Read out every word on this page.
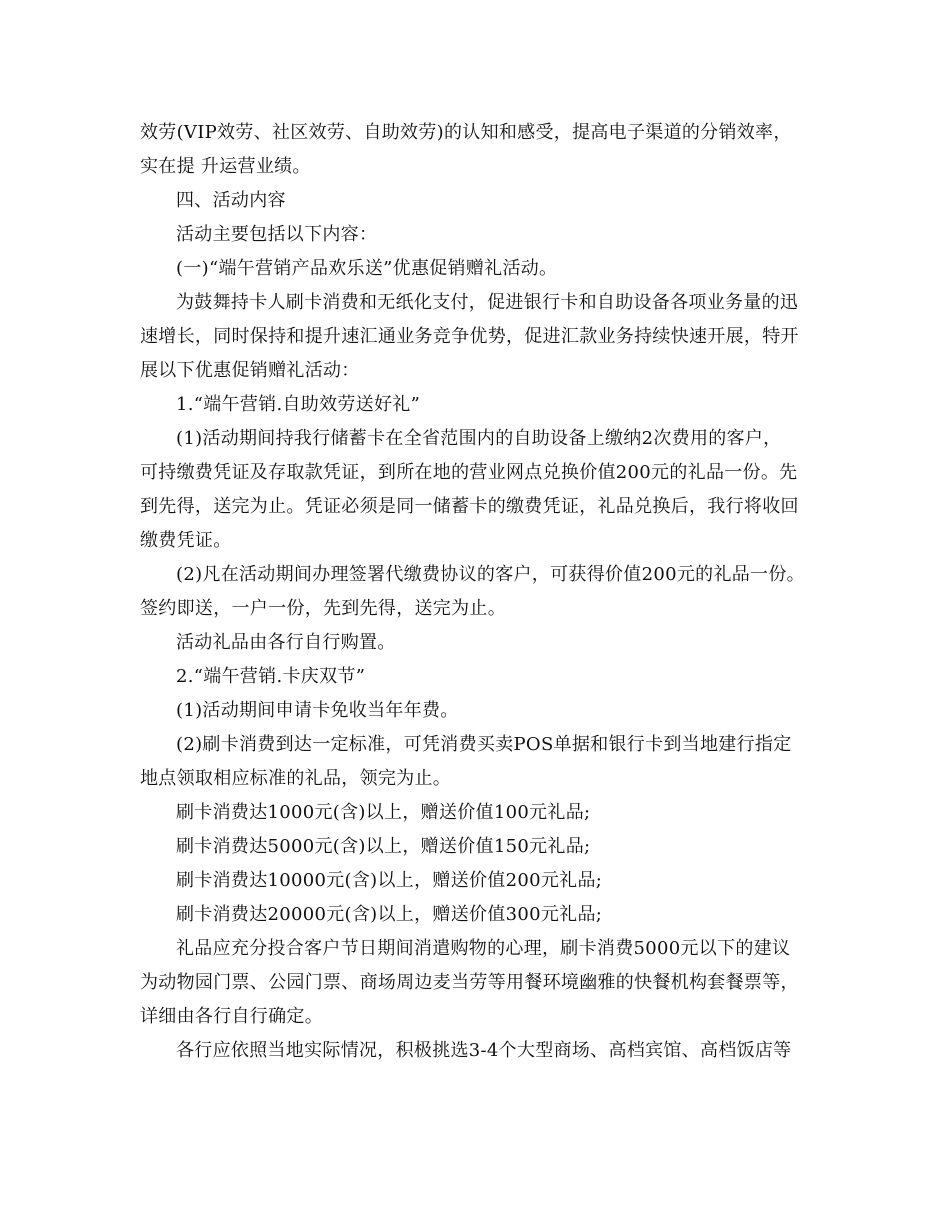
效劳(VIP效劳、社区效劳、自助效劳)的认知和感受，提高电子渠道的分销效率，
实在提 升运营业绩。
四、活动内容
活动主要包括以下内容：
(一)“端午营销产品欢乐送”优惠促销赠礼活动。
为鼓舞持卡人刷卡消费和无纸化支付，促进银行卡和自助设备各项业务量的迅
速增长，同时保持和提升速汇通业务竞争优势，促进汇款业务持续快速开展，特开
展以下优惠促销赠礼活动：
1.“端午营销.自助效劳送好礼”
(1)活动期间持我行储蓄卡在全省范围内的自助设备上缴纳2次费用的客户，
可持缴费凭证及存取款凭证，到所在地的营业网点兑换价值200元的礼品一份。先
到先得，送完为止。凭证必须是同一储蓄卡的缴费凭证，礼品兑换后，我行将收回
缴费凭证。
(2)凡在活动期间办理签署代缴费协议的客户，可获得价值200元的礼品一份。
签约即送，一户一份，先到先得，送完为止。
活动礼品由各行自行购置。
2.“端午营销.卡庆双节”
(1)活动期间申请卡免收当年年费。
(2)刷卡消费到达一定标准，可凭消费买卖POS单据和银行卡到当地建行指定
地点领取相应标准的礼品，领完为止。
刷卡消费达1000元(含)以上，赠送价值100元礼品;
刷卡消费达5000元(含)以上，赠送价值150元礼品;
刷卡消费达10000元(含)以上，赠送价值200元礼品;
刷卡消费达20000元(含)以上，赠送价值300元礼品;
礼品应充分投合客户节日期间消遣购物的心理，刷卡消费5000元以下的建议
为动物园门票、公园门票、商场周边麦当劳等用餐环境幽雅的快餐机构套餐票等，
详细由各行自行确定。
各行应依照当地实际情况，积极挑选3-4个大型商场、高档宾馆、高档饭店等
